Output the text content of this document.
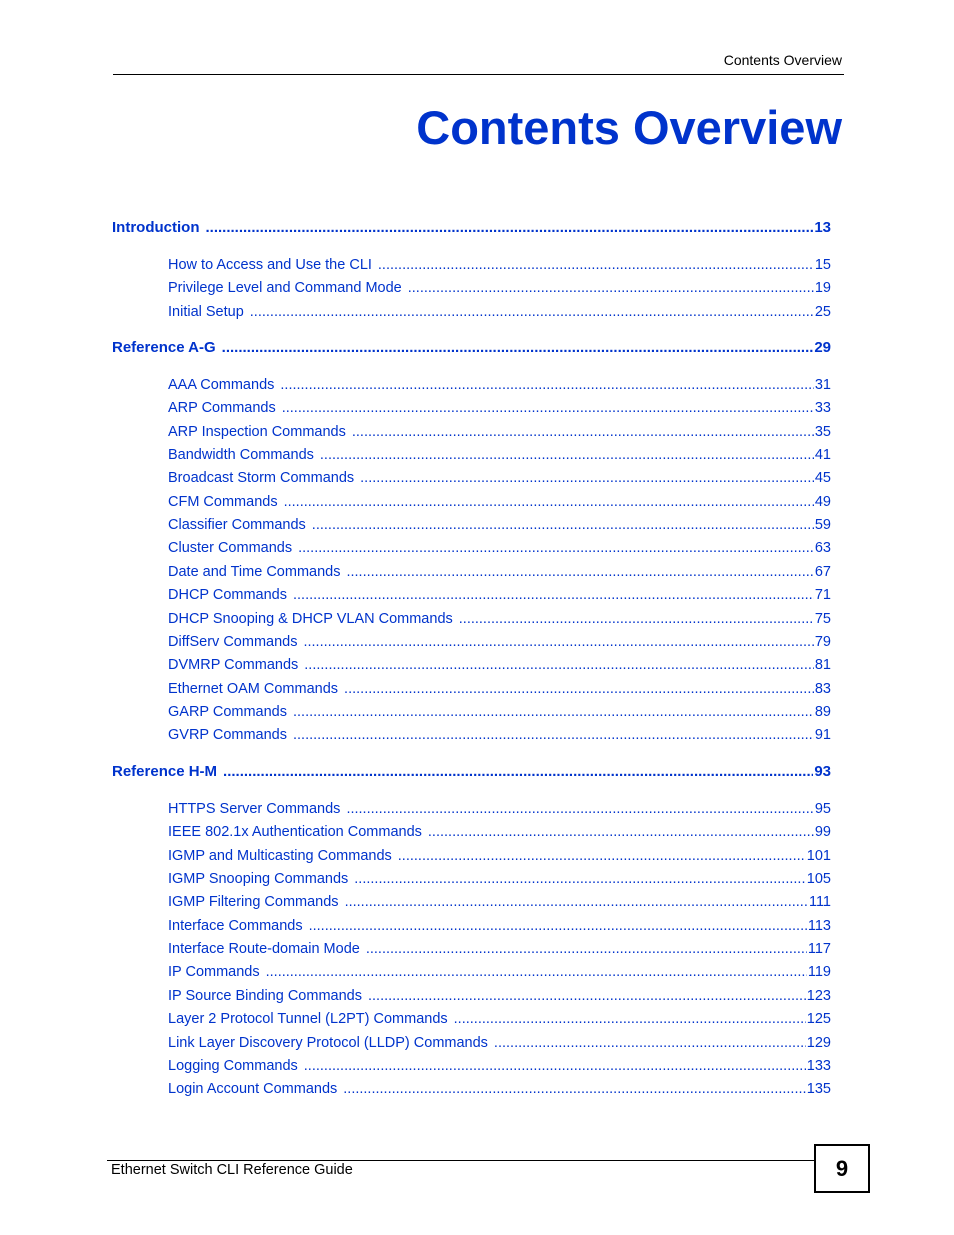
Contents Overview
Contents Overview
Introduction .....	13
How to Access and Use the CLI .....	15
Privilege Level and Command Mode .....	19
Initial Setup .....	25
Reference A-G .....	29
AAA Commands .....	31
ARP Commands .....	33
ARP Inspection Commands .....	35
Bandwidth Commands .....	41
Broadcast Storm Commands .....	45
CFM Commands .....	49
Classifier Commands .....	59
Cluster Commands .....	63
Date and Time Commands .....	67
DHCP Commands .....	71
DHCP Snooping & DHCP VLAN Commands .....	75
DiffServ Commands .....	79
DVMRP Commands .....	81
Ethernet OAM Commands .....	83
GARP Commands .....	89
GVRP Commands .....	91
Reference H-M .....	93
HTTPS Server Commands .....	95
IEEE 802.1x Authentication Commands .....	99
IGMP and Multicasting Commands .....	101
IGMP Snooping Commands .....	105
IGMP Filtering Commands .....	111
Interface Commands .....	113
Interface Route-domain Mode .....	117
IP Commands .....	119
IP Source Binding Commands .....	123
Layer 2 Protocol Tunnel (L2PT) Commands .....	125
Link Layer Discovery Protocol (LLDP) Commands .....	129
Logging Commands .....	133
Login Account Commands .....	135
Ethernet Switch CLI Reference Guide	9
